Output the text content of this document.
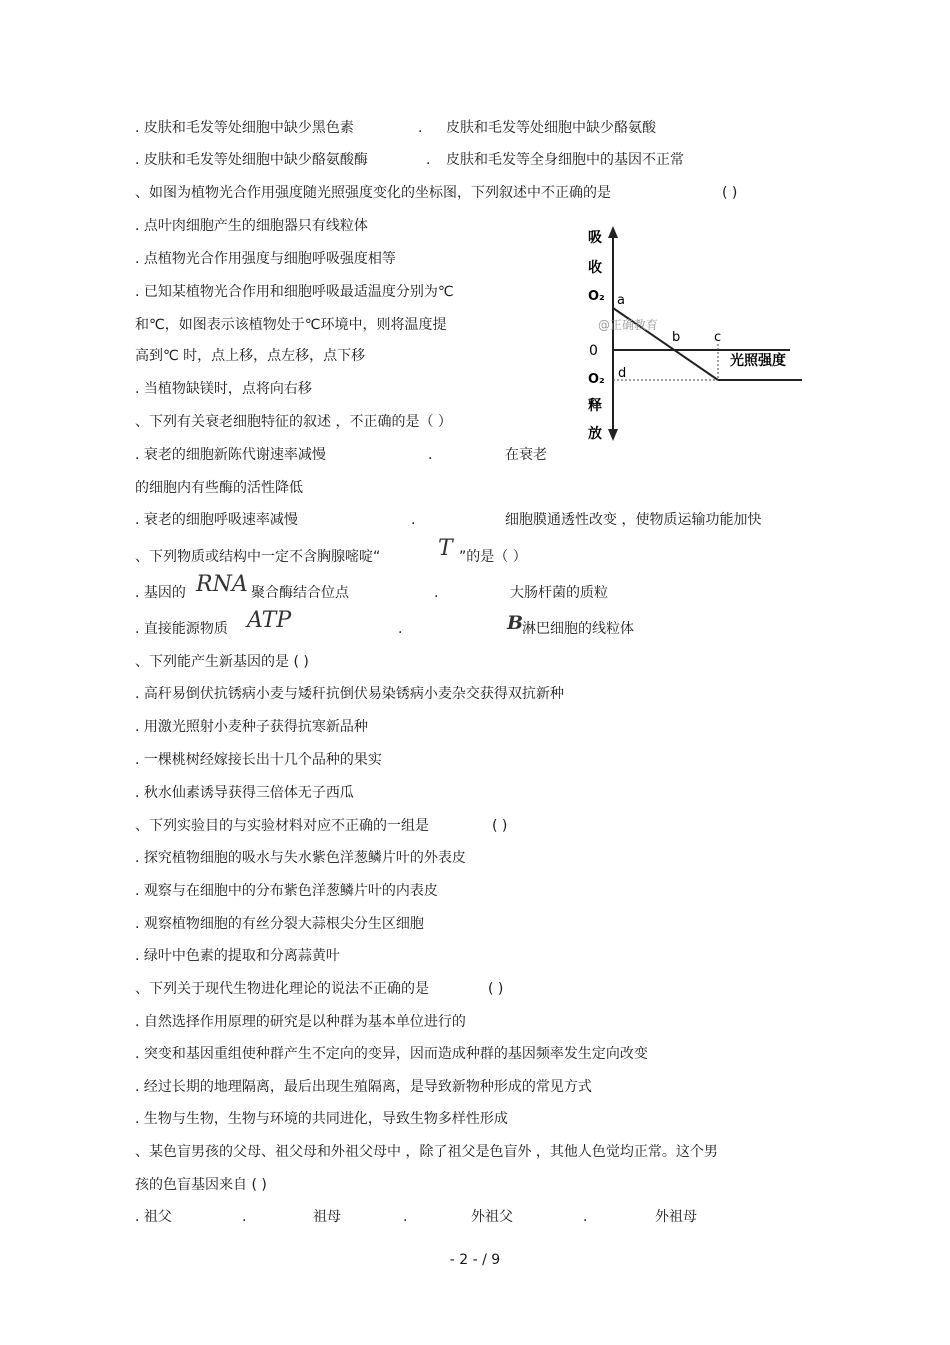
. 皮肤和毛发等处细胞中缺少黑色素	. 皮肤和毛发等处细胞中缺少酪氨酸
. 皮肤和毛发等处细胞中缺少酪氨酸酶	. 皮肤和毛发等全身细胞中的基因不正常
、如图为植物光合作用强度随光照强度变化的坐标图，下列叙述中不正确的是	( )
. 点叶肉细胞产生的细胞器只有线粒体
. 点植物光合作用强度与细胞呼吸强度相等
. 已知某植物光合作用和细胞呼吸最适温度分别为℃
和℃，如图表示该植物处于℃环境中，则将温度提
高到℃ 时，点上移，点左移，点下移
. 当植物缺镁时，点将向右移
、下列有关衰老细胞特征的叙述 ，不正确的是（ ）
. 衰老的细胞新陈代谢速率减慢	.	在衰老
的细胞内有些酶的活性降低
. 衰老的细胞呼吸速率减慢	.	细胞膜通透性改变 ，使物质运输功能加快
、下列物质或结构中一定不含胸腺嘧啶“	T ”的是（ ）
. 基因的 RNA 聚合酶结合位点	.	大肠杆菌的质粒
. 直接能源物质 ATP	.	B
淋巴细胞的线粒体
、下列能产生新基因的是 ( )
. 高秆易倒伏抗锈病小麦与矮秆抗倒伏易染锈病小麦杂交获得双抗新种
. 用激光照射小麦种子获得抗寒新品种
. 一棵桃树经嫁接长出十几个品种的果实
. 秋水仙素诱导获得三倍体无子西瓜
、下列实验目的与实验材料对应不正确的一组是	( )
. 探究植物细胞的吸水与失水紫色洋葱鳞片叶的外表皮
. 观察与在细胞中的分布紫色洋葱鳞片叶的内表皮
. 观察植物细胞的有丝分裂大蒜根尖分生区细胞
. 绿叶中色素的提取和分离蒜黄叶
、下列关于现代生物进化理论的说法不正确的是	( )
. 自然选择作用原理的研究是以种群为基本单位进行的
. 突变和基因重组使种群产生不定向的变异，因而造成种群的基因频率发生定向改变
. 经过长期的地理隔离，最后出现生殖隔离，是导致新物种形成的常见方式
. 生物与生物，生物与环境的共同进化，导致生物多样性形成
、某色盲男孩的父母、祖父母和外祖父母中 ，除了祖父是色盲外 ，其他人色觉均正常。这个男
孩的色盲基因来自 ( )
. 祖父	.	祖母	.	外祖父	.	外祖母
吸
收
O₂
0
O₂
释
放
@正确教育
a
b	c
d
光照强度
- 2 - / 9
